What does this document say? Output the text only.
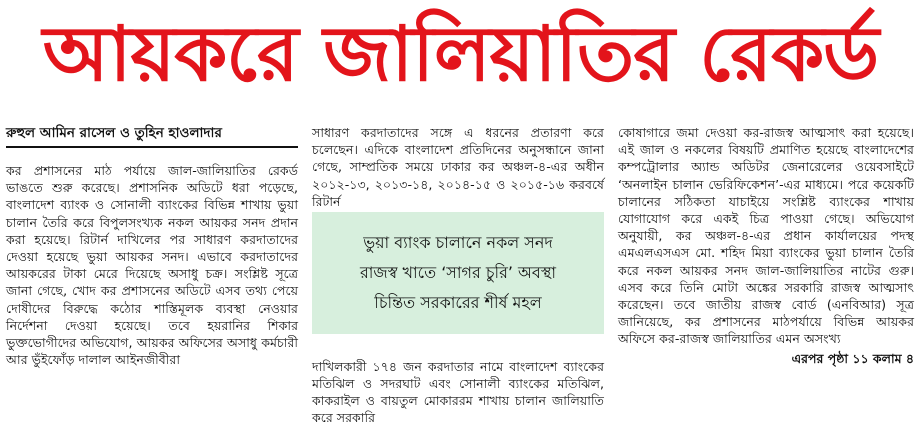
আয়করে জালিয়াতির রেকর্ড
রুহুল আমিন রাসেল ও তুহিন হাওলাদার

কর প্রশাসনের মাঠ পর্যায়ে জাল-জালিয়াতির রেকর্ড ভাঙতে শুরু করেছে। প্রশাসনিক অডিটে ধরা পড়েছে, বাংলাদেশ ব্যাংক ও সোনালী ব্যাংকের বিভিন্ন শাখায় ভুয়া চালান তৈরি করে বিপুলসংখ্যক নকল আয়কর সনদ প্রদান করা হয়েছে। রিটার্ন দাখিলের পর সাধারণ করদাতাদের দেওয়া হয়েছে ভুয়া আয়কর সনদ। এভাবে করদাতাদের আয়করের টাকা মেরে দিয়েছে অসাধু চক্র। সংশ্লিষ্ট সূত্রে জানা গেছে, খোদ কর প্রশাসনের অডিটে এসব তথ্য পেয়ে দোষীদের বিরুদ্ধে কঠোর শাস্তিমূলক ব্যবস্থা নেওয়ার নির্দেশনা দেওয়া হয়েছে। তবে হয়রানির শিকার ভুক্তভোগীদের অভিযোগ, আয়কর অফিসের অসাধু কর্মচারী আর ভুঁইফোঁড় দালাল আইনজীবীরা

সাধারণ করদাতাদের সঙ্গে এ ধরনের প্রতারণা করে চলেছেন। এদিকে বাংলাদেশ প্রতিদিনের অনুসন্ধানে জানা গেছে, সাম্প্রতিক সময়ে ঢাকার কর অঞ্চল-৪-এর অধীন ২০১২-১৩, ২০১৩-১৪, ২০১৪-১৫ ও ২০১৫-১৬ করবর্ষে রিটার্ন

ভুয়া ব্যাংক চালানে নকল সনদ
রাজস্ব খাতে ‘সাগর চুরি’ অবস্থা
চিন্তিত সরকারের শীর্ষ মহল

দাখিলকারী ১৭৪ জন করদাতার নামে বাংলাদেশ ব্যাংকের মতিঝিল ও সদরঘাট এবং সোনালী ব্যাংকের মতিঝিল, কাকরাইল ও বায়তুল মোকাররম শাখায় চালান জালিয়াতি করে সরকারি

কোষাগারে জমা দেওয়া কর-রাজস্ব আত্মসাৎ করা হয়েছে। এই জাল ও নকলের বিষয়টি প্রমাণিত হয়েছে বাংলাদেশের কম্পট্রোলার অ্যান্ড অডিটর জেনারেলের ওয়েবসাইটে ‘অনলাইন চালান ভেরিফিকেশন’-এর মাধ্যমে। পরে কয়েকটি চালানের সঠিকতা যাচাইয়ে সংশ্লিষ্ট ব্যাংকের শাখায় যোগাযোগ করে একই চিত্র পাওয়া গেছে। অভিযোগ অনুযায়ী, কর অঞ্চল-৪-এর প্রধান কার্যালয়ের পদস্থ এমএলএসএস মো. শহিদ মিয়া ব্যাংকের ভুয়া চালান তৈরি করে নকল আয়কর সনদ জাল-জালিয়াতির নাটের গুরু। এসব করে তিনি মোটা অঙ্কের সরকারি রাজস্ব আত্মসাৎ করেছেন। তবে জাতীয় রাজস্ব বোর্ড (এনবিআর) সূত্র জানিয়েছে, কর প্রশাসনের মাঠপর্যায়ে বিভিন্ন আয়কর অফিসে কর-রাজস্ব জালিয়াতির এমন অসংখ্য

এরপর পৃষ্ঠা ১১ কলাম ৪
